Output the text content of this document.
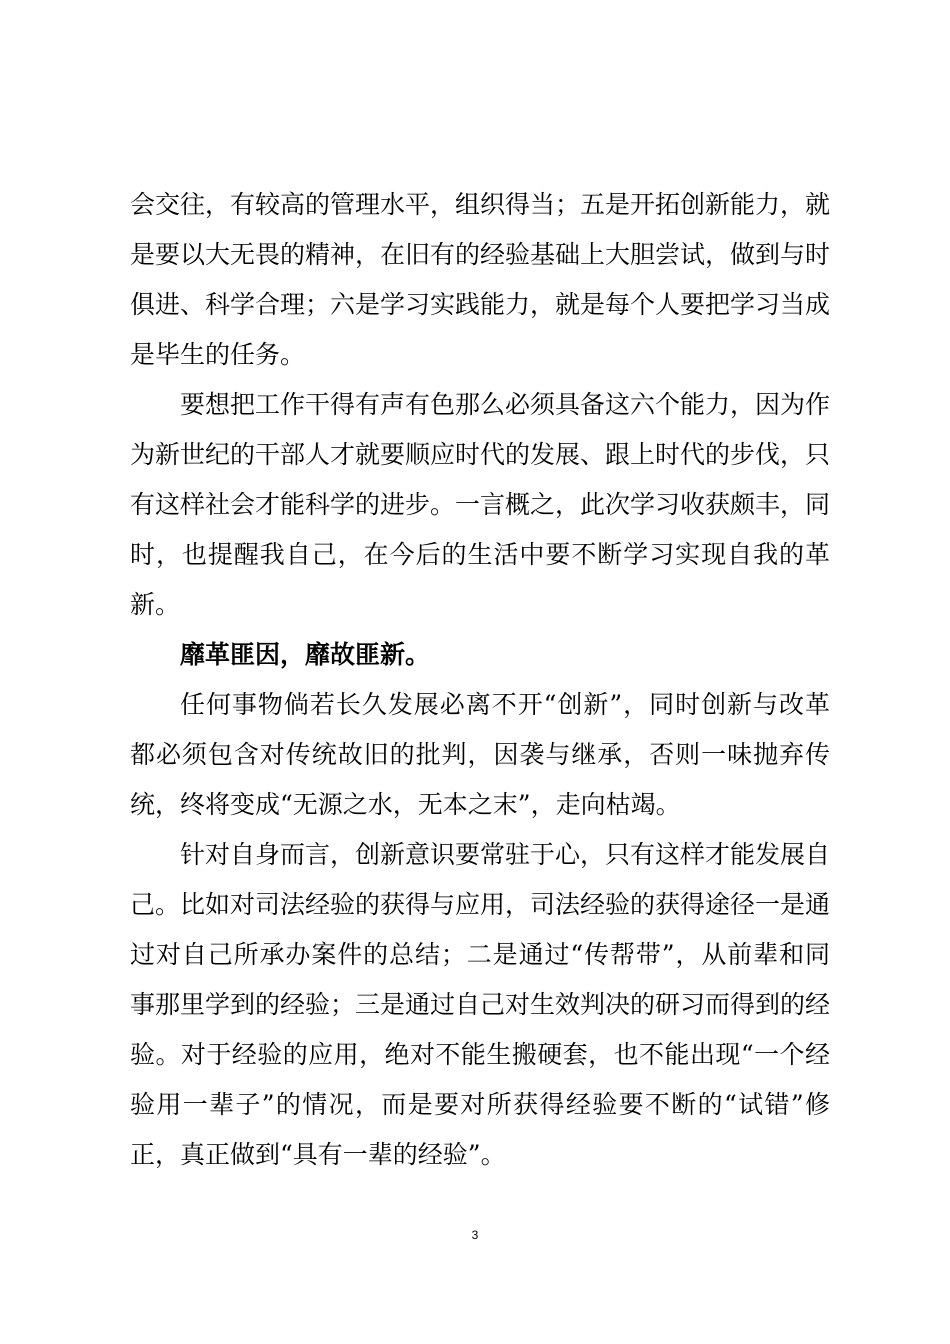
会交往，有较高的管理水平，组织得当；五是开拓创新能力，就是要以大无畏的精神，在旧有的经验基础上大胆尝试，做到与时俱进、科学合理；六是学习实践能力，就是每个人要把学习当成是毕生的任务。

要想把工作干得有声有色那么必须具备这六个能力，因为作为新世纪的干部人才就要顺应时代的发展、跟上时代的步伐，只有这样社会才能科学的进步。一言概之，此次学习收获颇丰，同时，也提醒我自己，在今后的生活中要不断学习实现自我的革新。

靡革匪因，靡故匪新。

任何事物倘若长久发展必离不开“创新”，同时创新与改革都必须包含对传统故旧的批判，因袭与继承，否则一味抛弃传统，终将变成“无源之水，无本之末”，走向枯竭。

针对自身而言，创新意识要常驻于心，只有这样才能发展自己。比如对司法经验的获得与应用，司法经验的获得途径一是通过对自己所承办案件的总结；二是通过“传帮带”，从前辈和同事那里学到的经验；三是通过自己对生效判决的研习而得到的经验。对于经验的应用，绝对不能生搬硬套，也不能出现“一个经验用一辈子”的情况，而是要对所获得经验要不断的“试错”修正，真正做到“具有一辈的经验”。

3
